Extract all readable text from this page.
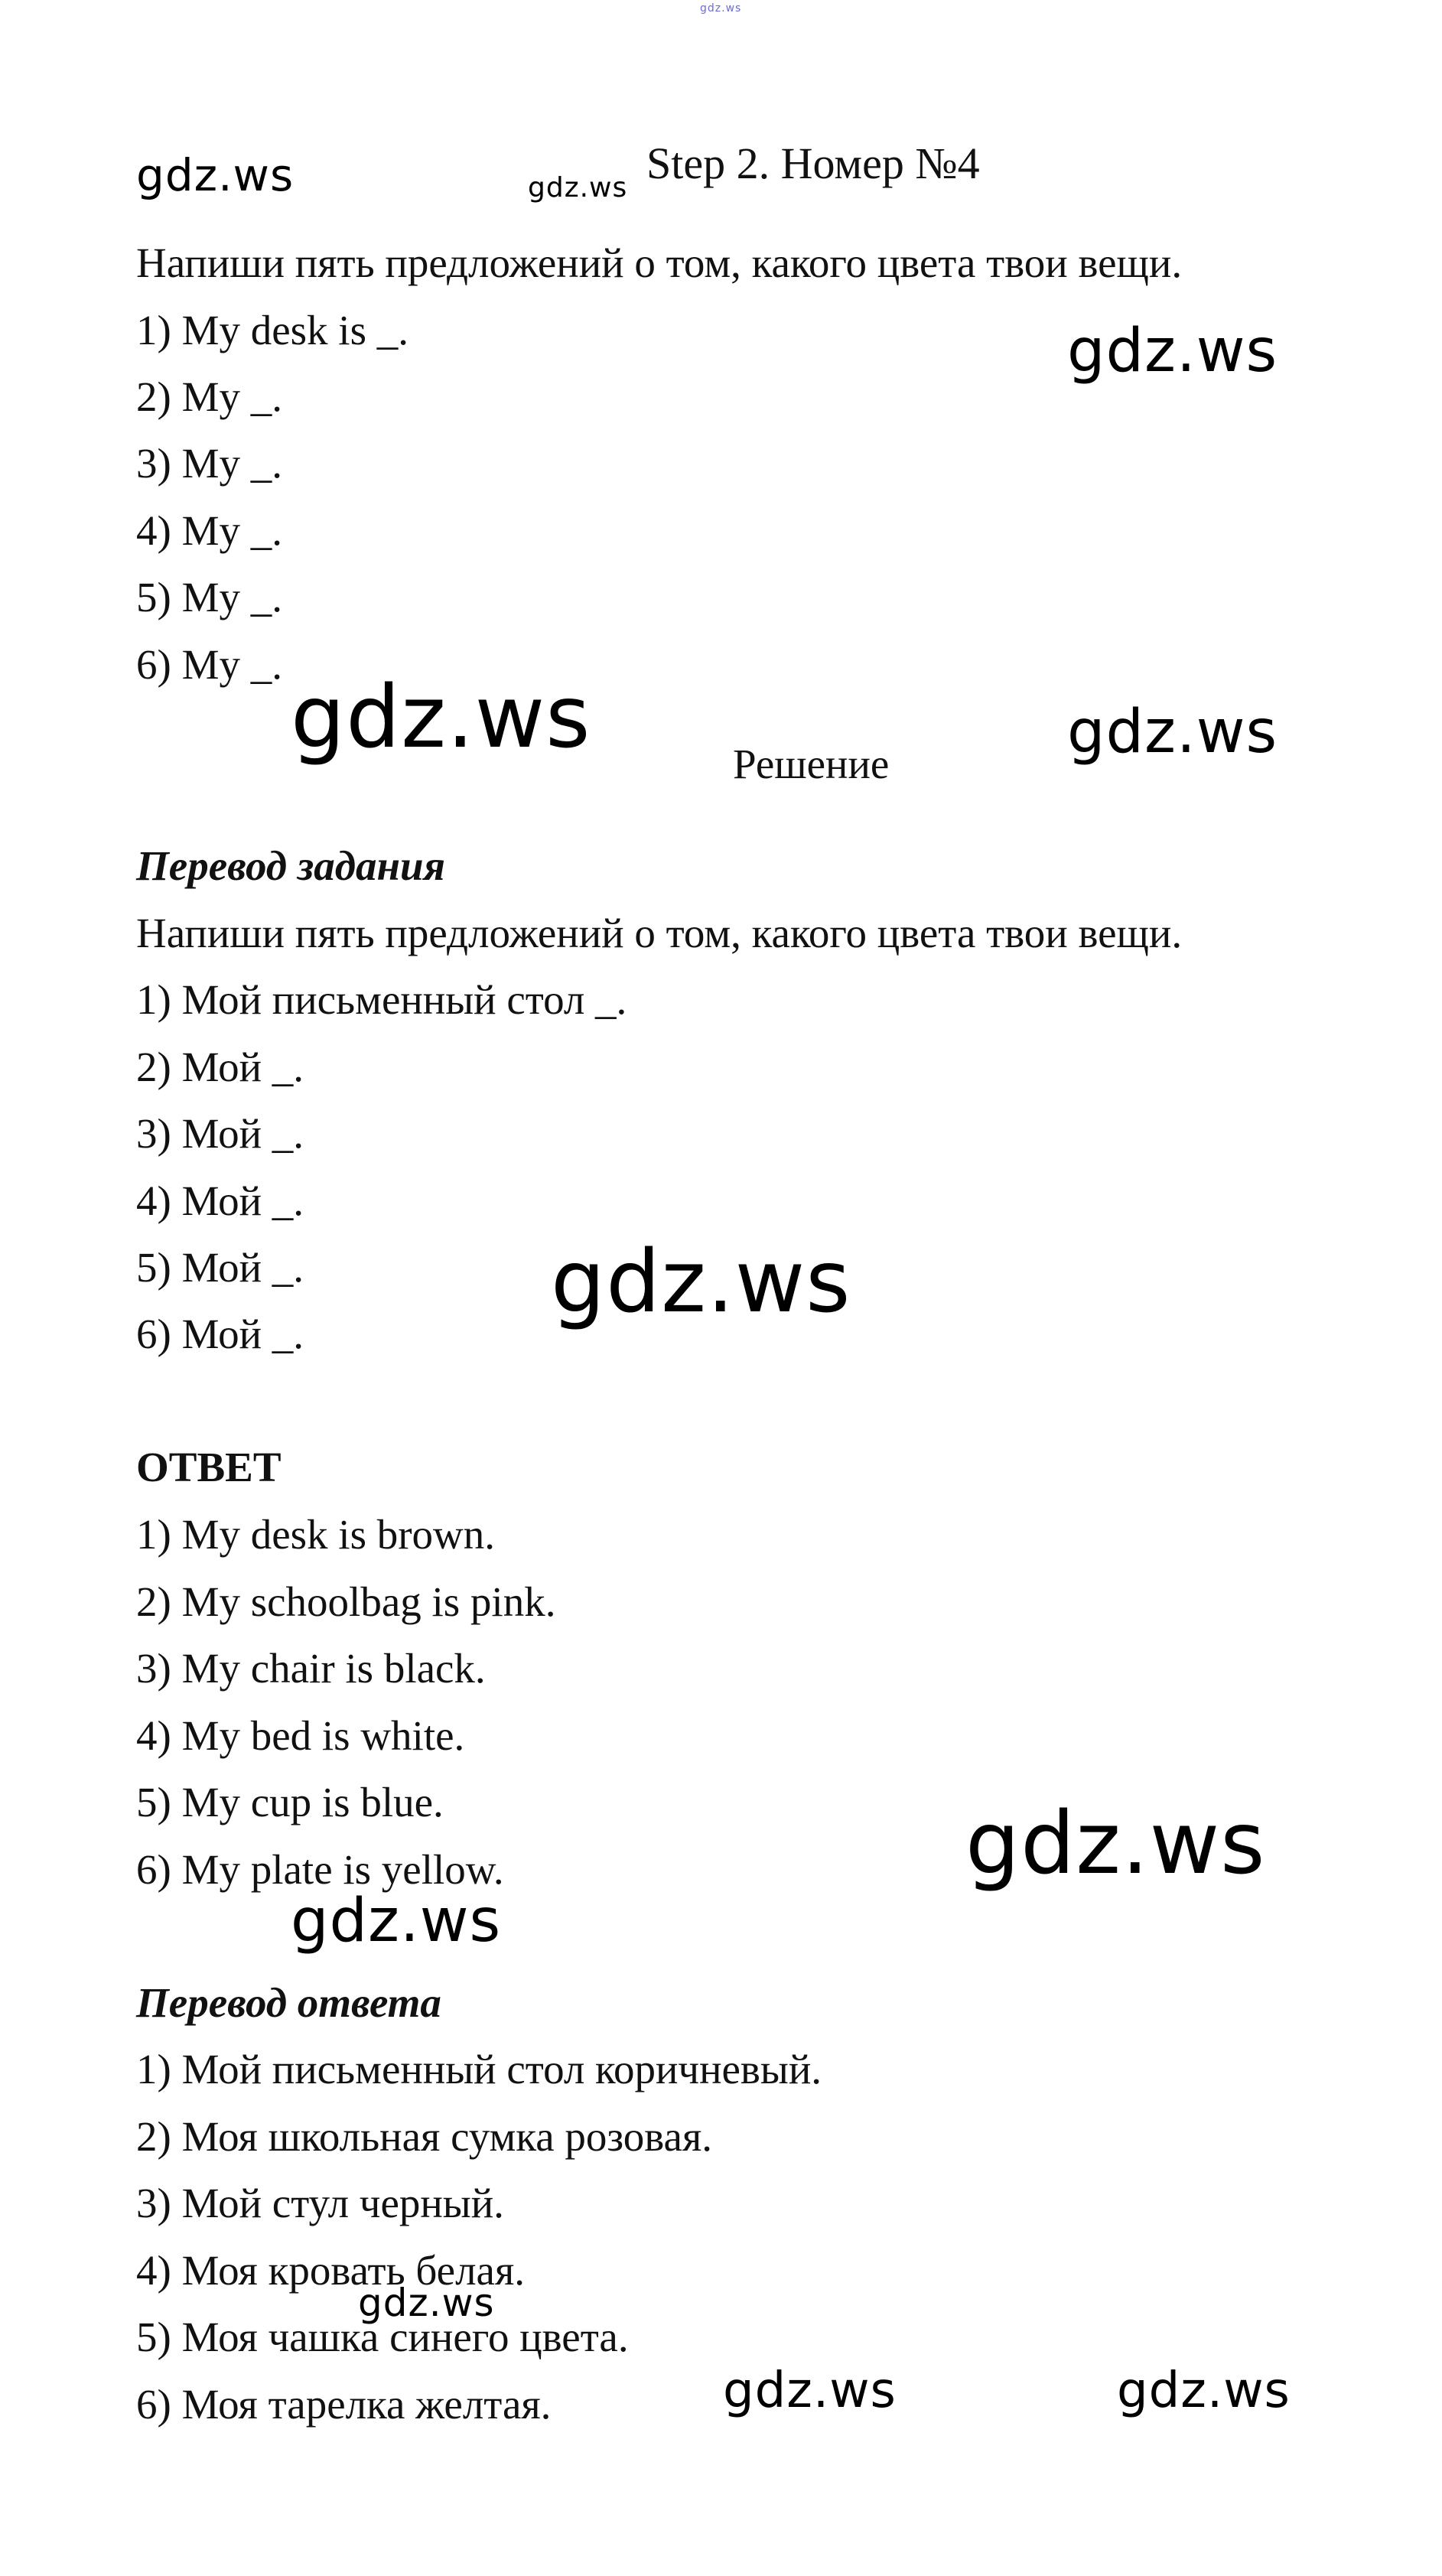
gdz.ws
Step 2. Номер №4
Напиши пять предложений о том, какого цвета твои вещи.
1) My desk is _.
2) My _.
3) My _.
4) My _.
5) My _.
6) My _.
Решение
Перевод задания
Напиши пять предложений о том, какого цвета твои вещи.
1) Мой письменный стол _.
2) Мой _.
3) Мой _.
4) Мой _.
5) Мой _.
6) Мой _.
ОТВЕТ
1) My desk is brown.
2) My schoolbag is pink.
3) My chair is black.
4) My bed is white.
5) My cup is blue.
6) My plate is yellow.
Перевод ответа
1) Мой письменный стол коричневый.
2) Моя школьная сумка розовая.
3) Мой стул черный.
4) Моя кровать белая.
5) Моя чашка синего цвета.
6) Моя тарелка желтая.
gdz.ws	gdz.ws
gdz.ws
gdz.ws	gdz.ws
gdz.ws
gdz.ws
gdz.ws
gdz.ws
gdz.ws	gdz.ws
